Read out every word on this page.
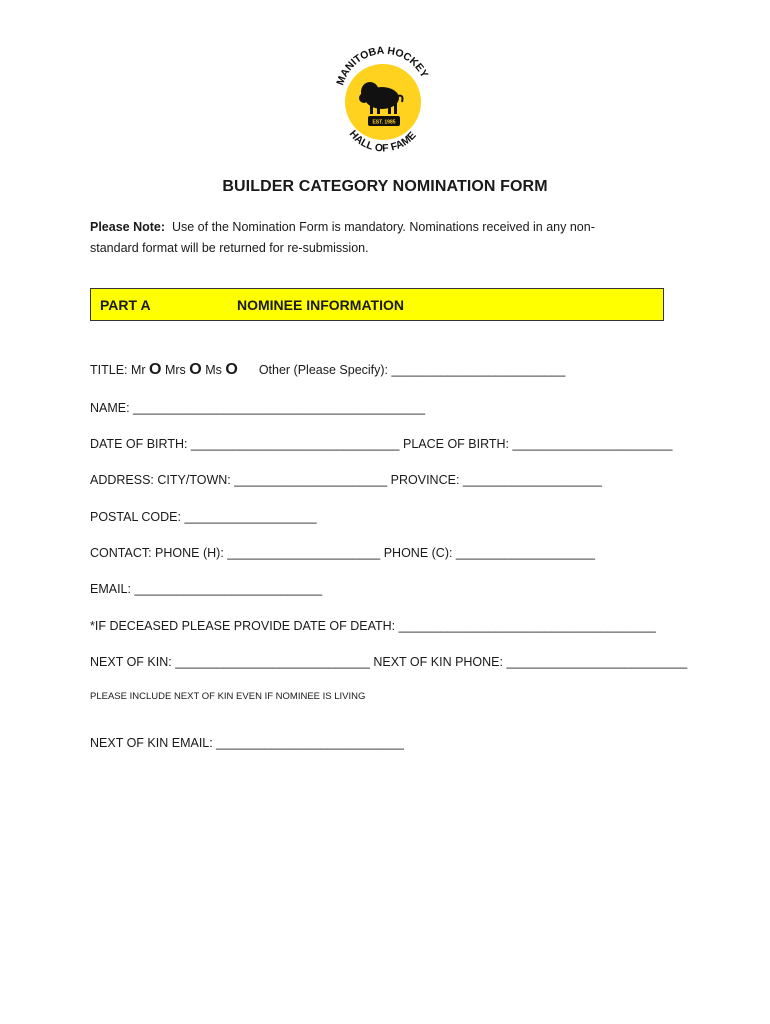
EST. 1985
MANITOBA HOCKEY
HALL OF FAME
BUILDER CATEGORY NOMINATION FORM
Please Note: Use of the Nomination Form is mandatory. Nominations received in any non-
standard format will be returned for re-submission.
PART A	NOMINEE INFORMATION
TITLE: Mr O Mrs O Ms O Other (Please Specify): _________________________
NAME: __________________________________________
DATE OF BIRTH: ______________________________ PLACE OF BIRTH: _______________________
ADDRESS: CITY/TOWN: ______________________ PROVINCE: ____________________
POSTAL CODE: ___________________
CONTACT: PHONE (H): ______________________ PHONE (C): ____________________
EMAIL: ___________________________
*IF DECEASED PLEASE PROVIDE DATE OF DEATH: _____________________________________
NEXT OF KIN: ____________________________ NEXT OF KIN PHONE: __________________________
PLEASE INCLUDE NEXT OF KIN EVEN IF NOMINEE IS LIVING
NEXT OF KIN EMAIL: ___________________________
